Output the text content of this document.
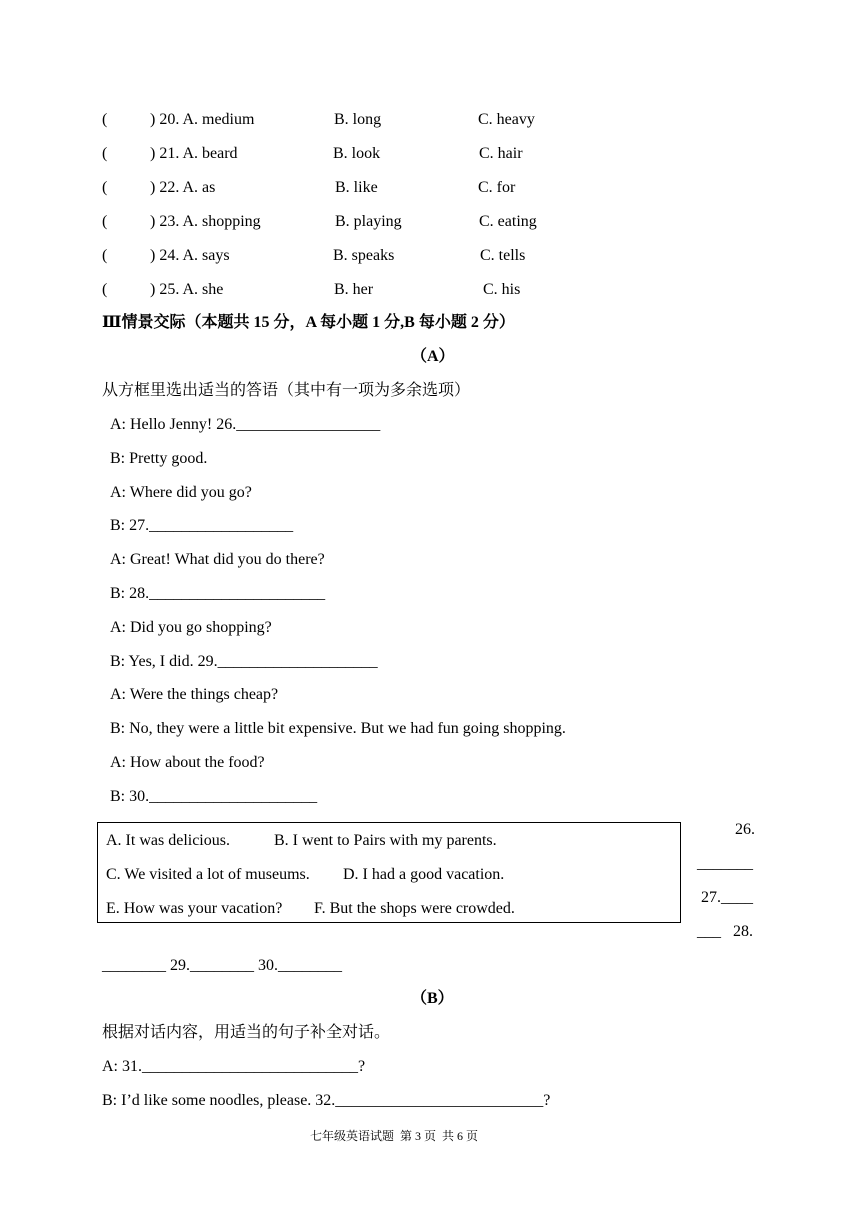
(	) 20. A. medium	B. long	C. heavy
(	) 21. A. beard	B. look	C. hair
(	) 22. A. as	B. like	C. for
(	) 23. A. shopping	B. playing	C. eating
(	) 24. A. says	B. speaks	C. tells
(	) 25. A. she	B. her	C. his
Ⅲ情景交际（本题共 15 分，A 每小题 1 分,B 每小题 2 分）
（A）
从方框里选出适当的答语（其中有一项为多余选项）
A: Hello Jenny! 26.__________________
B: Pretty good.
A: Where did you go?
B: 27.__________________
A: Great! What did you do there?
B: 28.______________________
A: Did you go shopping?
B: Yes, I did. 29.____________________
A: Were the things cheap?
B: No, they were a little bit expensive. But we had fun going shopping.
A: How about the food?
B: 30._____________________
A. It was delicious.	B. I went to Pairs with my parents.
C. We visited a lot of museums. D. I had a good vacation.
E. How was your vacation? F. But the shops were crowded.
26.
_______
27.____
___   28.
________ 29.________ 30.________
（B）
根据对话内容，用适当的句子补全对话。
A: 31.___________________________?
B: I’d like some noodles, please. 32.__________________________?
七年级英语试题  第 3 页  共 6 页
